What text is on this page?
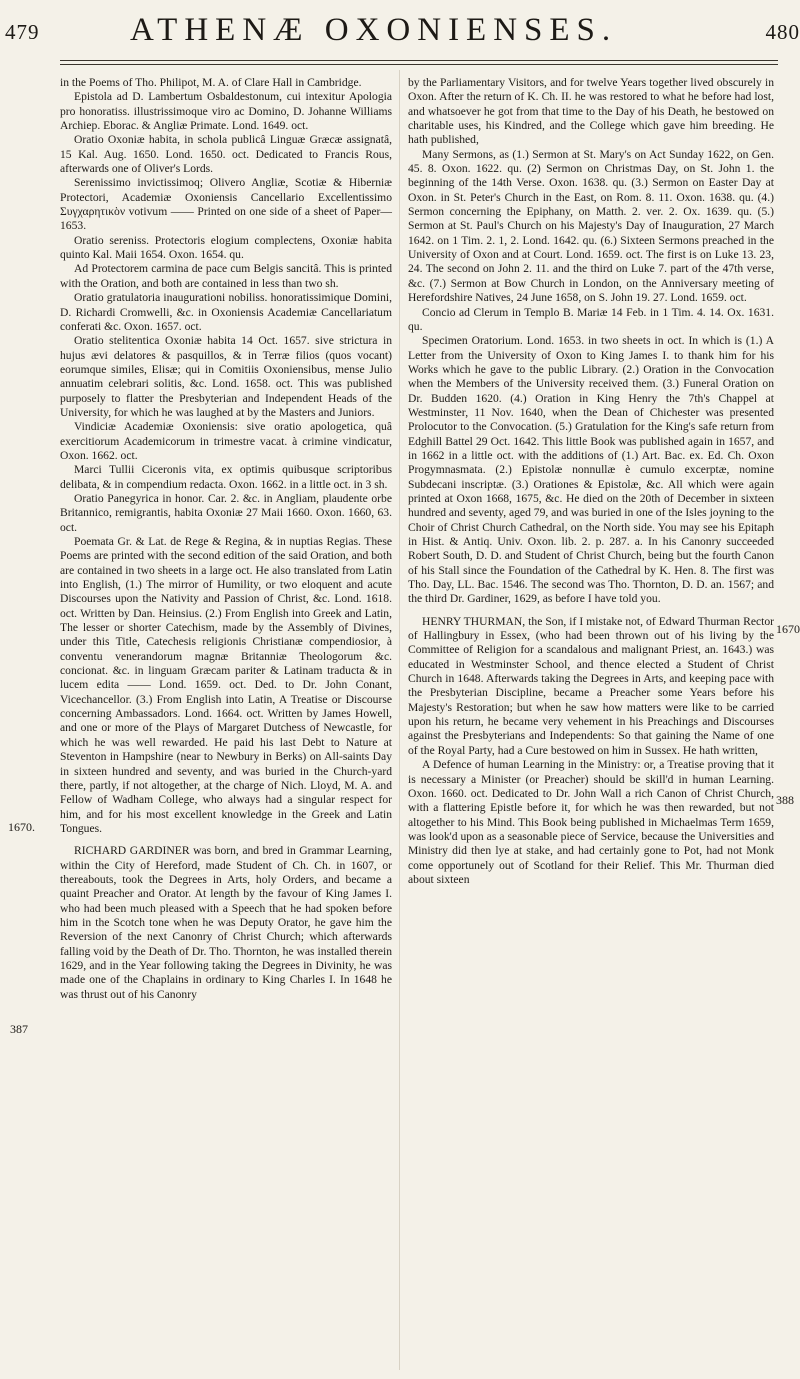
479	ATHENÆ OXONIENSES.	480
1670.
387
1670
388

in the Poems of Tho. Philipot, M. A. of Clare Hall in Cambridge.

Epistola ad D. Lambertum Osbaldestonum, cui intexitur Apologia pro honoratiss. illustrissimoque viro ac Domino, D. Johanne Williams Archiep. Eborac. & Angliæ Primate. Lond. 1649. oct.

Oratio Oxoniæ habita, in schola publicâ Linguæ Græcæ assignatâ, 15 Kal. Aug. 1650. Lond. 1650. oct. Dedicated to Francis Rous, afterwards one of Oliver's Lords.

Serenissimo invictissimoq; Olivero Angliæ, Scotiæ & Hiberniæ Protectori, Academiæ Oxoniensis Cancellario Excellentissimo Συγχαρητικὸν votivum —— Printed on one side of a sheet of Paper—1653.

Oratio sereniss. Protectoris elogium complectens, Oxoniæ habita quinto Kal. Maii 1654. Oxon. 1654. qu.

Ad Protectorem carmina de pace cum Belgis sancitâ. This is printed with the Oration, and both are contained in less than two sh.

Oratio gratulatoria inaugurationi nobiliss. honoratissimique Domini, D. Richardi Cromwelli, &c. in Oxoniensis Academiæ Cancellariatum conferati &c. Oxon. 1657. oct.

Oratio stelitentica Oxoniæ habita 14 Oct. 1657. sive strictura in hujus ævi delatores & pasquillos, & in Terræ filios (quos vocant) eorumque similes, Elisæ; qui in Comitiis Oxoniensibus, mense Julio annuatim celebrari solitis, &c. Lond. 1658. oct. This was published purposely to flatter the Presbyterian and Independent Heads of the University, for which he was laughed at by the Masters and Juniors.

Vindiciæ Academiæ Oxoniensis: sive oratio apologetica, quâ exercitiorum Academicorum in trimestre vacat. à crimine vindicatur, Oxon. 1662. oct.

Marci Tullii Ciceronis vita, ex optimis quibusque scriptoribus delibata, & in compendium redacta. Oxon. 1662. in a little oct. in 3 sh.

Oratio Panegyrica in honor. Car. 2. &c. in Angliam, plaudente orbe Britannico, remigrantis, habita Oxoniæ 27 Maii 1660. Oxon. 1660, 63. oct.

Poemata Gr. & Lat. de Rege & Regina, & in nuptias Regias. These Poems are printed with the second edition of the said Oration, and both are contained in two sheets in a large oct. He also translated from Latin into English, (1.) The mirror of Humility, or two eloquent and acute Discourses upon the Nativity and Passion of Christ, &c. Lond. 1618. oct. Written by Dan. Heinsius. (2.) From English into Greek and Latin, The lesser or shorter Catechism, made by the Assembly of Divines, under this Title, Catechesis religionis Christianæ compendiosior, à conventu venerandorum magnæ Britanniæ Theologorum &c. concionat. &c. in linguam Græcam pariter & Latinam traducta & in lucem edita —— Lond. 1659. oct. Ded. to Dr. John Conant, Vicechancellor. (3.) From English into Latin, A Treatise or Discourse concerning Ambassadors. Lond. 1664. oct. Written by James Howell, and one or more of the Plays of Margaret Dutchess of Newcastle, for which he was well rewarded. He paid his last Debt to Nature at Steventon in Hampshire (near to Newbury in Berks) on All-saints Day in sixteen hundred and seventy, and was buried in the Church-yard there, partly, if not altogether, at the charge of Nich. Lloyd, M. A. and Fellow of Wadham College, who always had a singular respect for him, and for his most excellent knowledge in the Greek and Latin Tongues.

RICHARD GARDINER was born, and bred in Grammar Learning, within the City of Hereford, made Student of Ch. Ch. in 1607, or thereabouts, took the Degrees in Arts, holy Orders, and became a quaint Preacher and Orator. At length by the favour of King James I. who had been much pleased with a Speech that he had spoken before him in the Scotch tone when he was Deputy Orator, he gave him the Reversion of the next Canonry of Christ Church; which afterwards falling void by the Death of Dr. Tho. Thornton, he was installed therein 1629, and in the Year following taking the Degrees in Divinity, he was made one of the Chaplains in ordinary to King Charles I. In 1648 he was thrust out of his Canonry

by the Parliamentary Visitors, and for twelve Years together lived obscurely in Oxon. After the return of K. Ch. II. he was restored to what he before had lost, and whatsoever he got from that time to the Day of his Death, he bestowed on charitable uses, his Kindred, and the College which gave him breeding. He hath published,

Many Sermons, as (1.) Sermon at St. Mary's on Act Sunday 1622, on Gen. 45. 8. Oxon. 1622. qu. (2) Sermon on Christmas Day, on St. John 1. the beginning of the 14th Verse. Oxon. 1638. qu. (3.) Sermon on Easter Day at Oxon. in St. Peter's Church in the East, on Rom. 8. 11. Oxon. 1638. qu. (4.) Sermon concerning the Epiphany, on Matth. 2. ver. 2. Ox. 1639. qu. (5.) Sermon at St. Paul's Church on his Majesty's Day of Inauguration, 27 March 1642. on 1 Tim. 2. 1, 2. Lond. 1642. qu. (6.) Sixteen Sermons preached in the University of Oxon and at Court. Lond. 1659. oct. The first is on Luke 13. 23, 24. The second on John 2. 11. and the third on Luke 7. part of the 47th verse, &c. (7.) Sermon at Bow Church in London, on the Anniversary meeting of Herefordshire Natives, 24 June 1658, on S. John 19. 27. Lond. 1659. oct.

Concio ad Clerum in Templo B. Mariæ 14 Feb. in 1 Tim. 4. 14. Ox. 1631. qu.

Specimen Oratorium. Lond. 1653. in two sheets in oct. In which is (1.) A Letter from the University of Oxon to King James I. to thank him for his Works which he gave to the public Library. (2.) Oration in the Convocation when the Members of the University received them. (3.) Funeral Oration on Dr. Budden 1620. (4.) Oration in King Henry the 7th's Chappel at Westminster, 11 Nov. 1640, when the Dean of Chichester was presented Prolocutor to the Convocation. (5.) Gratulation for the King's safe return from Edghill Battel 29 Oct. 1642. This little Book was published again in 1657, and in 1662 in a little oct. with the additions of (1.) Art. Bac. ex. Ed. Ch. Oxon Progymnasmata. (2.) Epistolæ nonnullæ è cumulo excerptæ, nomine Subdecani inscriptæ. (3.) Orationes & Epistolæ, &c. All which were again printed at Oxon 1668, 1675, &c. He died on the 20th of December in sixteen hundred and seventy, aged 79, and was buried in one of the Isles joyning to the Choir of Christ Church Cathedral, on the North side. You may see his Epitaph in Hist. & Antiq. Univ. Oxon. lib. 2. p. 287. a. In his Canonry succeeded Robert South, D. D. and Student of Christ Church, being but the fourth Canon of his Stall since the Foundation of the Cathedral by K. Hen. 8. The first was Tho. Day, LL. Bac. 1546. The second was Tho. Thornton, D. D. an. 1567; and the third Dr. Gardiner, 1629, as before I have told you.

HENRY THURMAN, the Son, if I mistake not, of Edward Thurman Rector of Hallingbury in Essex, (who had been thrown out of his living by the Committee of Religion for a scandalous and malignant Priest, an. 1643.) was educated in Westminster School, and thence elected a Student of Christ Church in 1648. Afterwards taking the Degrees in Arts, and keeping pace with the Presbyterian Discipline, became a Preacher some Years before his Majesty's Restoration; but when he saw how matters were like to be carried upon his return, he became very vehement in his Preachings and Discourses against the Presbyterians and Independents: So that gaining the Name of one of the Royal Party, had a Cure bestowed on him in Sussex. He hath written,

A Defence of human Learning in the Ministry: or, a Treatise proving that it is necessary a Minister (or Preacher) should be skill'd in human Learning. Oxon. 1660. oct. Dedicated to Dr. John Wall a rich Canon of Christ Church, with a flattering Epistle before it, for which he was then rewarded, but not altogether to his Mind. This Book being published in Michaelmas Term 1659, was look'd upon as a seasonable piece of Service, because the Universities and Ministry did then lye at stake, and had certainly gone to Pot, had not Monk come opportunely out of Scotland for their Relief. This Mr. Thurman died about sixteen
